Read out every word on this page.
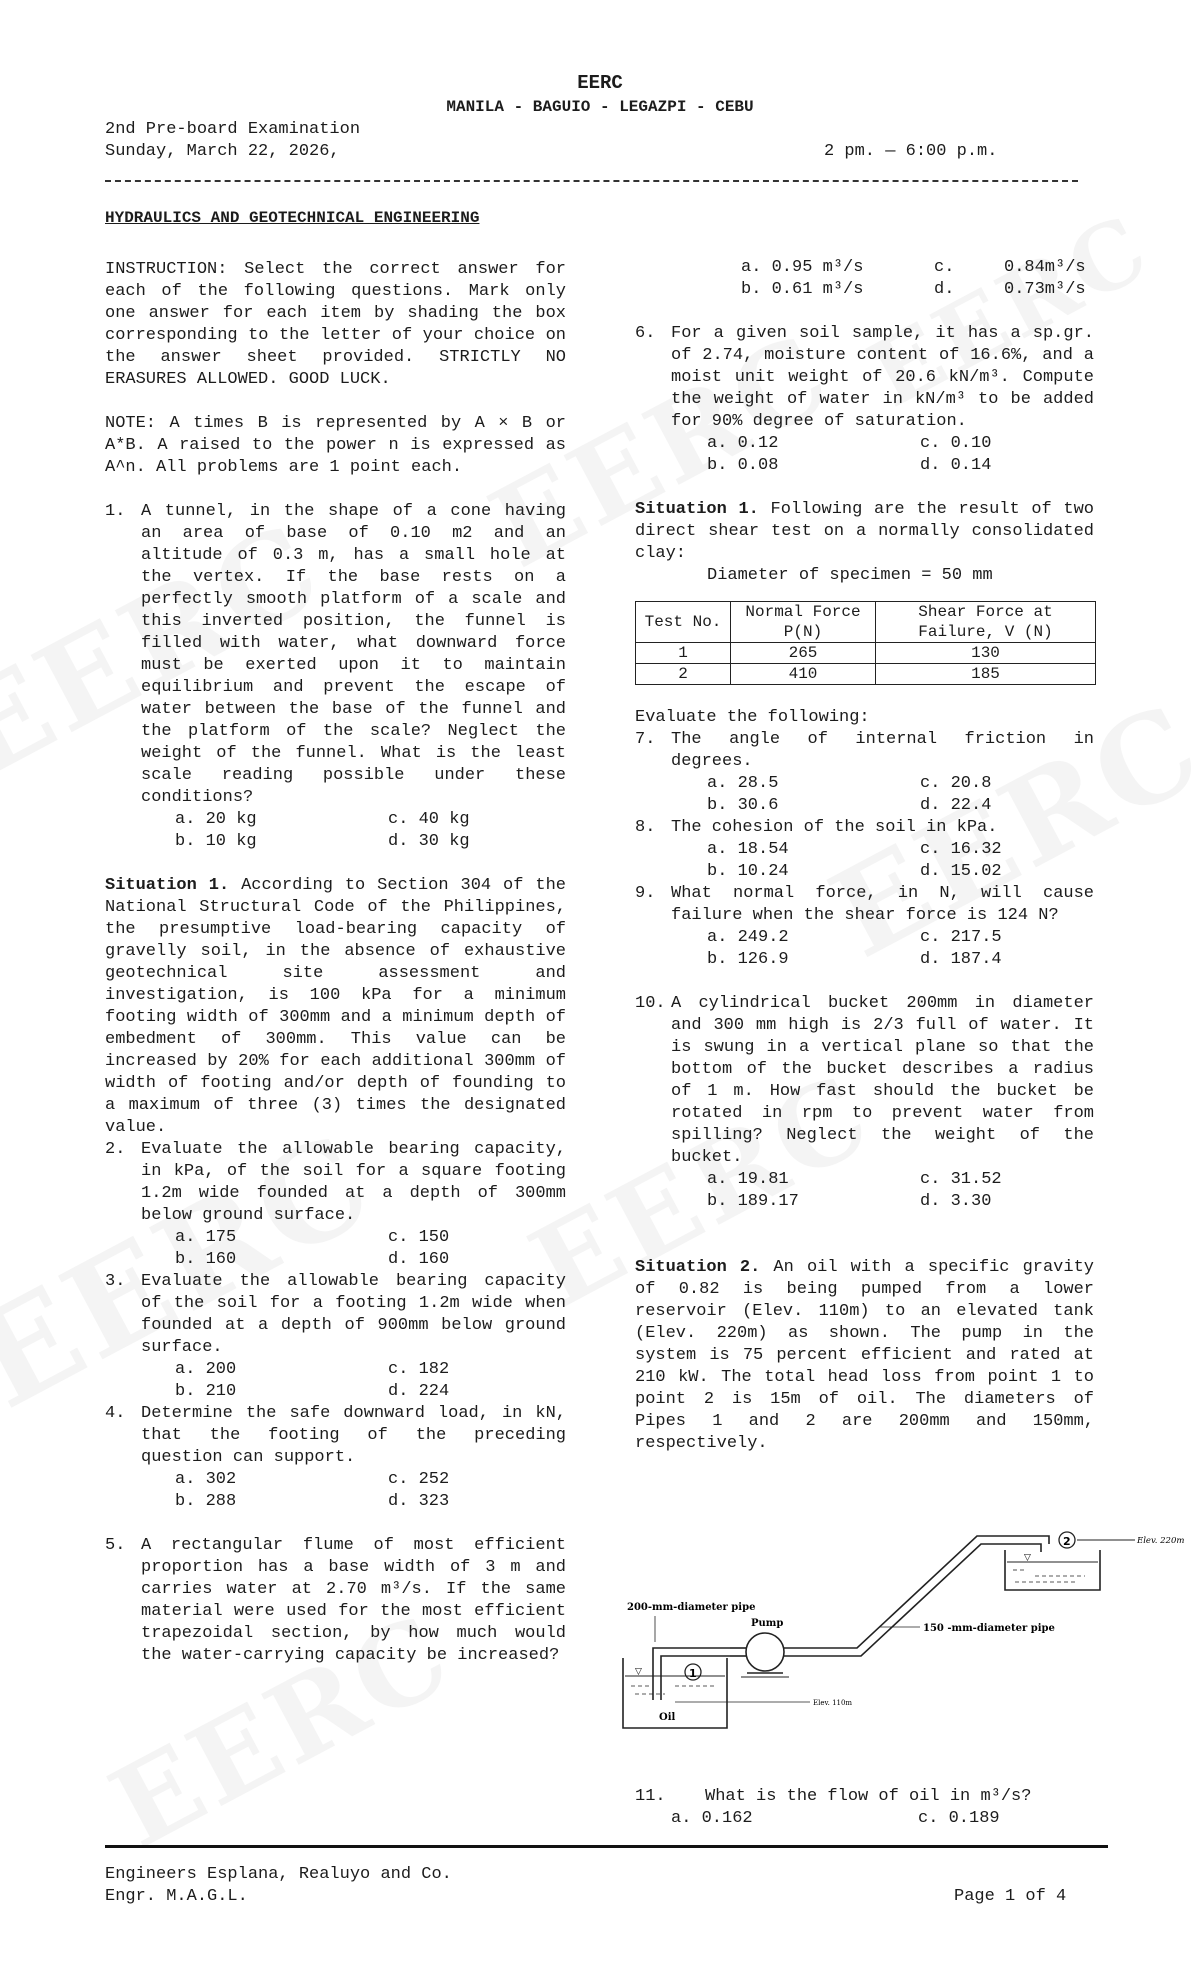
EERC
MANILA - BAGUIO - LEGAZPI - CEBU
2nd Pre-board Examination
Sunday, March 22, 2026,	2 pm. — 6:00 p.m.
HYDRAULICS AND GEOTECHNICAL ENGINEERING
INSTRUCTION: Select the correct answer for each of the following questions. Mark only one answer for each item by shading the box corresponding to the letter of your choice on the answer sheet provided. STRICTLY NO ERASURES ALLOWED. GOOD LUCK.
NOTE: A times B is represented by A × B or A*B. A raised to the power n is expressed as A^n. All problems are 1 point each.
1. A tunnel, in the shape of a cone having an area of base of 0.10 m2 and an altitude of 0.3 m, has a small hole at the vertex. If the base rests on a perfectly smooth platform of a scale and this inverted position, the funnel is filled with water, what downward force must be exerted upon it to maintain equilibrium and prevent the escape of water between the base of the funnel and the platform of the scale? Neglect the weight of the funnel. What is the least scale reading possible under these conditions?
a. 20 kg	c. 40 kg
b. 10 kg	d. 30 kg
Situation 1. According to Section 304 of the National Structural Code of the Philippines, the presumptive load-bearing capacity of gravelly soil, in the absence of exhaustive geotechnical site assessment and investigation, is 100 kPa for a minimum footing width of 300mm and a minimum depth of embedment of 300mm. This value can be increased by 20% for each additional 300mm of width of footing and/or depth of founding to a maximum of three (3) times the designated value.
2. Evaluate the allowable bearing capacity, in kPa, of the soil for a square footing 1.2m wide founded at a depth of 300mm below ground surface.
a. 175	c. 150
b. 160	d. 160
3. Evaluate the allowable bearing capacity of the soil for a footing 1.2m wide when founded at a depth of 900mm below ground surface.
a. 200	c. 182
b. 210	d. 224
4. Determine the safe downward load, in kN, that the footing of the preceding question can support.
a. 302	c. 252
b. 288	d. 323
5. A rectangular flume of most efficient proportion has a base width of 3 m and carries water at 2.70 m³/s. If the same material were used for the most efficient trapezoidal section, by how much would the water-carrying capacity be increased?
a. 0.95 m³/s	c.	0.84m³/s
b. 0.61 m³/s	d.	0.73m³/s
6. For a given soil sample, it has a sp.gr. of 2.74, moisture content of 16.6%, and a moist unit weight of 20.6 kN/m³. Compute the weight of water in kN/m³ to be added for 90% degree of saturation.
a. 0.12	c. 0.10
b. 0.08	d. 0.14
Situation 1. Following are the result of two direct shear test on a normally consolidated clay:
Diameter of specimen = 50 mm
Test No.	Normal Force P(N)	Shear Force at Failure, V (N)
1	265	130
2	410	185
Evaluate the following:
7. The angle of internal friction in degrees.
a. 28.5	c. 20.8
b. 30.6	d. 22.4
8. The cohesion of the soil in kPa.
a. 18.54	c. 16.32
b. 10.24	d. 15.02
9. What normal force, in N, will cause failure when the shear force is 124 N?
a. 249.2	c. 217.5
b. 126.9	d. 187.4
10. A cylindrical bucket 200mm in diameter and 300 mm high is 2/3 full of water. It is swung in a vertical plane so that the bottom of the bucket describes a radius of 1 m. How fast should the bucket be rotated in rpm to prevent water from spilling? Neglect the weight of the bucket.
a. 19.81	c. 31.52
b. 189.17	d. 3.30
Situation 2. An oil with a specific gravity of 0.82 is being pumped from a lower reservoir (Elev. 110m) to an elevated tank (Elev. 220m) as shown. The pump in the system is 75 percent efficient and rated at 210 kW. The total head loss from point 1 to point 2 is 15m of oil. The diameters of Pipes 1 and 2 are 200mm and 150mm, respectively.
1
2
200-mm-diameter pipe
Pump	150 -mm-diameter pipe
Elev. 220m
Elev. 110m
Oil
▽
▽
11.	What is the flow of oil in m³/s?
a. 0.162	c. 0.189
Engineers Esplana, Realuyo and Co.
Engr. M.A.G.L.	Page 1 of 4
